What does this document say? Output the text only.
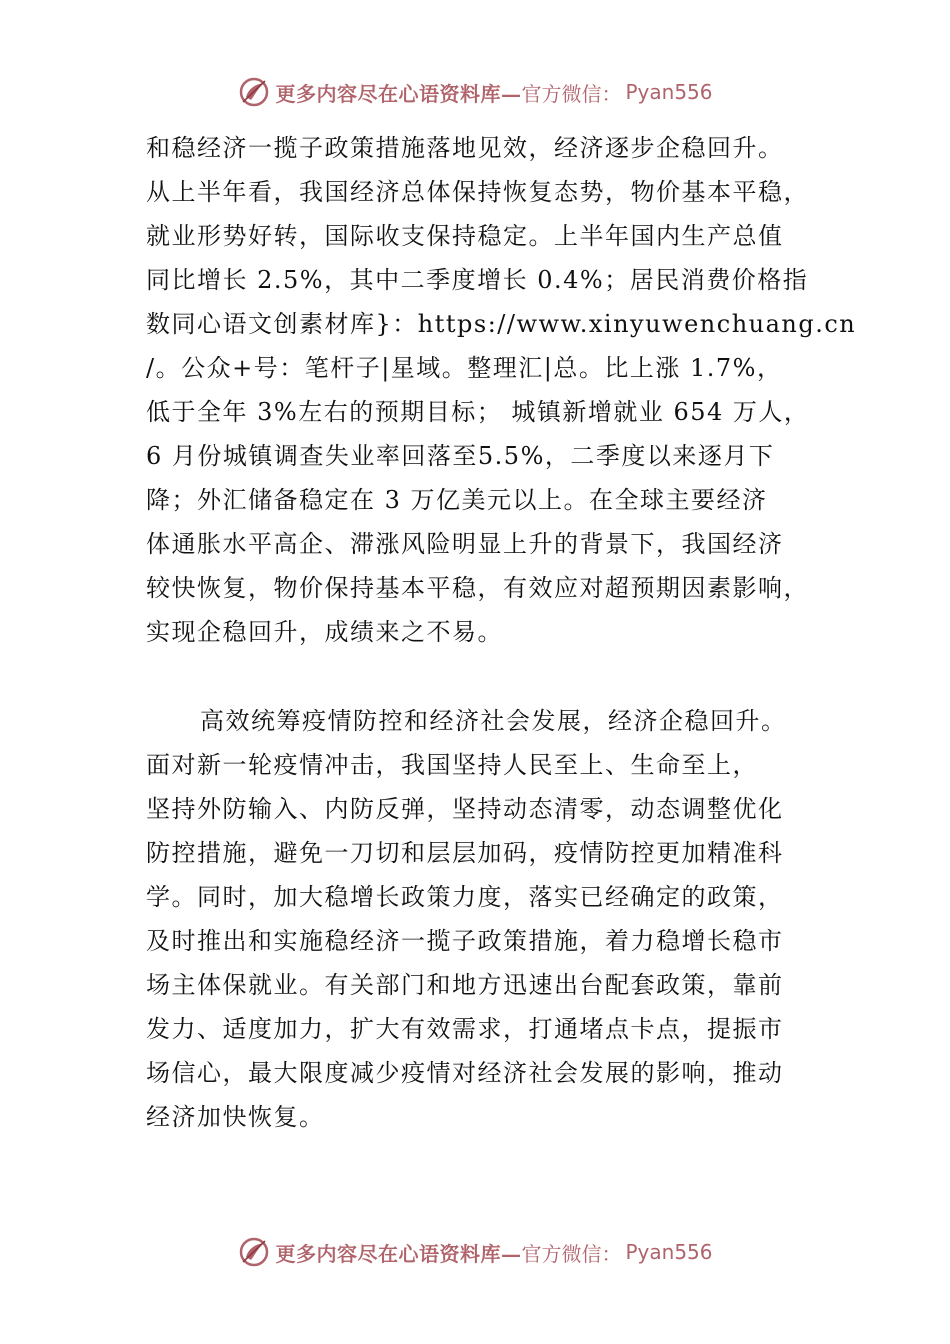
更多内容尽在心语资料库— 官方微信： Pyan556
和稳经济一揽子政策措施落地见效，经济逐步企稳回升。
从上半年看，我国经济总体保持恢复态势，物价基本平稳，
就业形势好转，国际收支保持稳定。上半年国内生产总值
同比增长 2.5%，其中二季度增长 0.4%；居民消费价格指
数同心语文创素材库}：https://www.xinyuwenchuang.cn
/。公众+号：笔杆子|星域。整理汇|总。比上涨 1.7%，
低于全年 3%左右的预期目标； 城镇新增就业 654 万人，
6 月份城镇调查失业率回落至5.5%，二季度以来逐月下
降；外汇储备稳定在 3 万亿美元以上。在全球主要经济
体通胀水平高企、滞涨风险明显上升的背景下，我国经济
较快恢复，物价保持基本平稳，有效应对超预期因素影响，
实现企稳回升，成绩来之不易。
高效统筹疫情防控和经济社会发展，经济企稳回升。
面对新一轮疫情冲击，我国坚持人民至上、生命至上，
坚持外防输入、内防反弹，坚持动态清零，动态调整优化
防控措施，避免一刀切和层层加码，疫情防控更加精准科
学。同时，加大稳增长政策力度，落实已经确定的政策，
及时推出和实施稳经济一揽子政策措施，着力稳增长稳市
场主体保就业。有关部门和地方迅速出台配套政策，靠前
发力、适度加力，扩大有效需求，打通堵点卡点，提振市
场信心，最大限度减少疫情对经济社会发展的影响，推动
经济加快恢复。
更多内容尽在心语资料库— 官方微信： Pyan556
